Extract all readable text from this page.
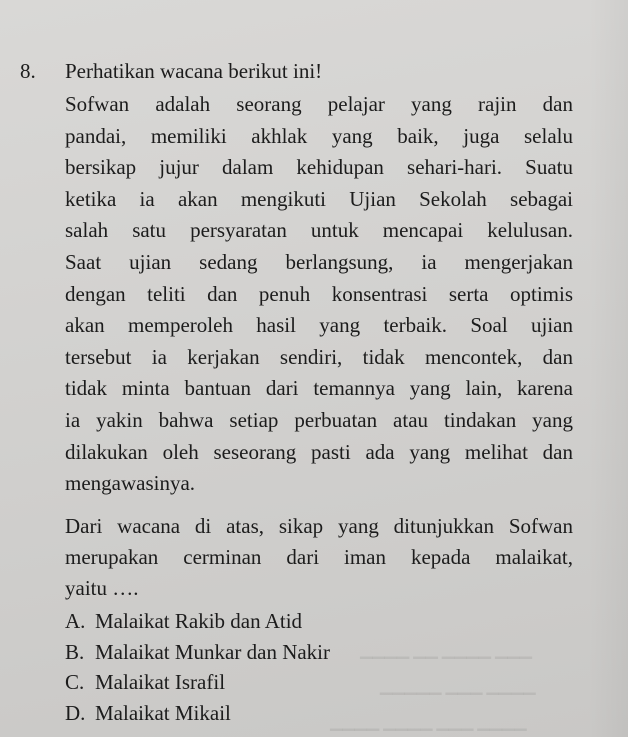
▁▁▁ ▁▁▁▁ ▁▁ ▁▁▁▁
▁▁▁▁ ▁▁▁ ▁▁▁▁▁
▁▁▁▁ ▁▁▁ ▁▁▁▁ ▁▁▁▁
8. Perhatikan wacana berikut ini!
Sofwan adalah seorang pelajar yang rajin dan
pandai, memiliki akhlak yang baik, juga selalu
bersikap jujur dalam kehidupan sehari-hari. Suatu
ketika ia akan mengikuti Ujian Sekolah sebagai
salah satu persyaratan untuk mencapai kelulusan.
Saat ujian sedang berlangsung, ia mengerjakan
dengan teliti dan penuh konsentrasi serta optimis
akan memperoleh hasil yang terbaik. Soal ujian
tersebut ia kerjakan sendiri, tidak mencontek, dan
tidak minta bantuan dari temannya yang lain, karena
ia yakin bahwa setiap perbuatan atau tindakan yang
dilakukan oleh seseorang pasti ada yang melihat dan
mengawasinya.
Dari wacana di atas, sikap yang ditunjukkan Sofwan
merupakan cerminan dari iman kepada malaikat,
yaitu ….
A. Malaikat Rakib dan Atid
B. Malaikat Munkar dan Nakir
C. Malaikat Israfil
D. Malaikat Mikail
